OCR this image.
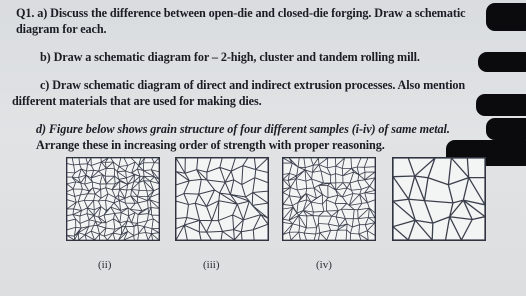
Q1. a) Discuss the difference between open-die and closed-die forging. Draw a schematic

diagram for each.

b) Draw a schematic diagram for – 2-high, cluster and tandem rolling mill.

c) Draw schematic diagram of direct and indirect extrusion processes. Also mention

different materials that are used for making dies.

d) Figure below shows grain structure of four different samples (i-iv) of same metal.

Arrange these in increasing order of strength with proper reasoning.

(ii)	(iii)	(iv)
